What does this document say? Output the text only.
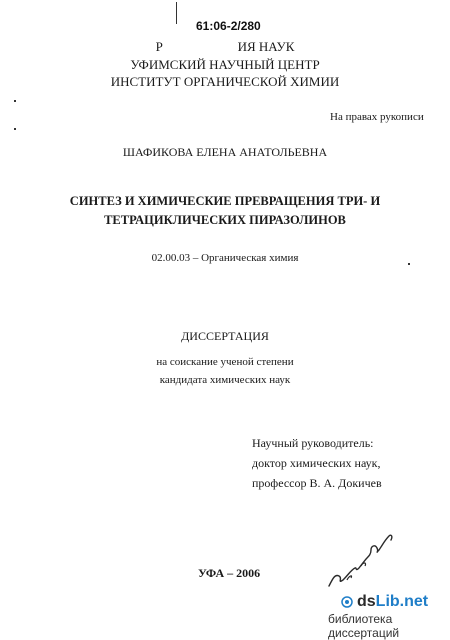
61:06-2/280
Р                       ИЯ НАУК
УФИМСКИЙ НАУЧНЫЙ ЦЕНТР
ИНСТИТУТ ОРГАНИЧЕСКОЙ ХИМИИ
На правах рукописи
ШАФИКОВА ЕЛЕНА АНАТОЛЬЕВНА
СИНТЕЗ И ХИМИЧЕСКИЕ ПРЕВРАЩЕНИЯ ТРИ- И
ТЕТРАЦИКЛИЧЕСКИХ ПИРАЗОЛИНОВ
02.00.03 – Органическая химия
ДИССЕРТАЦИЯ
на соискание ученой степени
кандидата химических наук
Научный руководитель:
доктор химических наук,
профессор В. А. Докичев
УФА – 2006
dsLib.net
библиотека диссертаций
